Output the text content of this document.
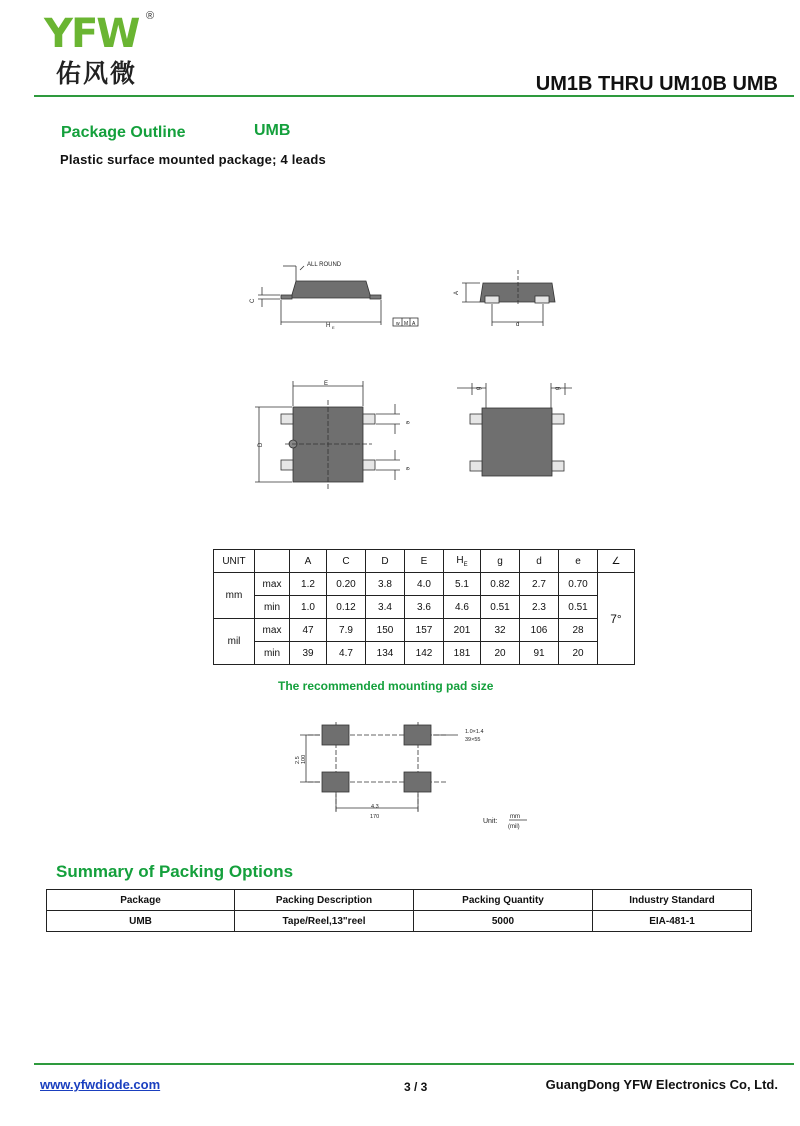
YFW ®
佑风微	UM1B THRU UM10B UMB
Package Outline	UMB
Plastic surface mounted package; 4 leads
ALL ROUND
C
H E
w M A
A
d
E
D
e
e
g	g
1.0×1.4
39×55
2.5 100
4.3
170
Unit:
mm
(mil)
UNIT		A	C	D	E	$H_E$	g	d	e	∠
mm	max	1.2	0.20	3.8	4.0	5.1	0.82	2.7	0.70	7°
	min	1.0	0.12	3.4	3.6	4.6	0.51	2.3	0.51	
mil	max	47	7.9	150	157	201	32	106	28	
	min	39	4.7	134	142	181	20	91	20	
The recommended mounting pad size
Summary of Packing Options
Package	Packing Description	Packing Quantity	Industry Standard
UMB	Tape/Reel,13"reel	5000	EIA-481-1
www.yfwdiode.com	3 / 3	GuangDong YFW Electronics Co, Ltd.
